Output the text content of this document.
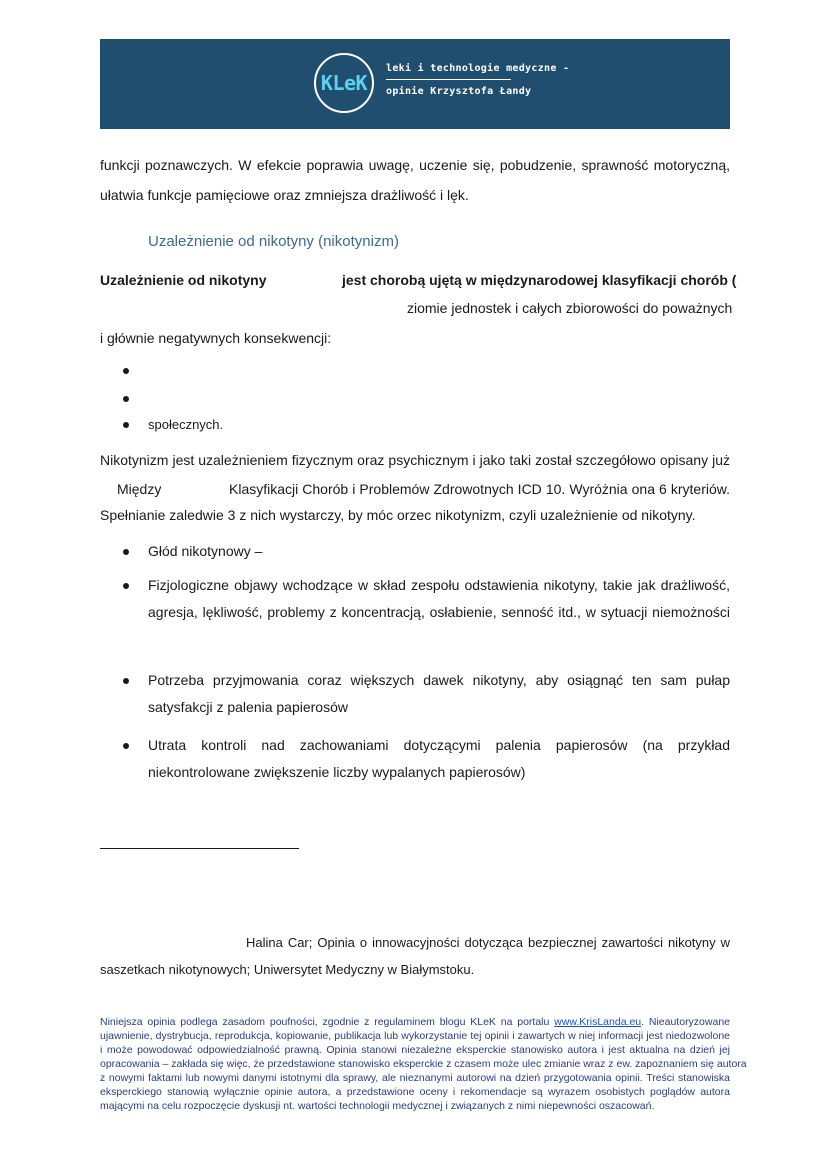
KLeK
leki i technologie medyczne -
opinie Krzysztofa Łandy
funkcji poznawczych. W efekcie poprawia uwagę, uczenie się, pobudzenie, sprawność motoryczną,
ułatwia funkcje pamięciowe oraz zmniejsza drażliwość i lęk.
Uzależnienie od nikotyny (nikotynizm)
Uzależnienie od nikotyny	jest chorobą ujętą w międzynarodowej klasyfikacji chorób (
ziomie jednostek i całych zbiorowości do poważnych
i głównie negatywnych konsekwencji:
społecznych.
Nikotynizm jest uzależnieniem fizycznym oraz psychicznym i jako taki został szczegółowo opisany już
Między	Klasyfikacji Chorób i Problemów Zdrowotnych ICD 10. Wyróżnia ona 6 kryteriów.
Spełnianie zaledwie 3 z nich wystarczy, by móc orzec nikotynizm, czyli uzależnienie od nikotyny.
Głód nikotynowy –
Fizjologiczne objawy wchodzące w skład zespołu odstawienia nikotyny, takie jak drażliwość,
agresja, lękliwość, problemy z koncentracją, osłabienie, senność itd., w sytuacji niemożności
Potrzeba przyjmowania coraz większych dawek nikotyny, aby osiągnąć ten sam pułap
satysfakcji z palenia papierosów
Utrata kontroli nad zachowaniami dotyczącymi palenia papierosów (na przykład
niekontrolowane zwiększenie liczby wypalanych papierosów)
Halina Car; Opinia o innowacyjności dotycząca bezpiecznej zawartości nikotyny w
saszetkach nikotynowych; Uniwersytet Medyczny w Białymstoku.
Niniejsza opinia podlega zasadom poufności, zgodnie z regulaminem blogu KLeK na portalu www.KrisLanda.eu. Nieautoryzowane
ujawnienie, dystrybucja, reprodukcja, kopiowanie, publikacja lub wykorzystanie tej opinii i zawartych w niej informacji jest niedozwolone
i może powodować odpowiedzialność prawną. Opinia stanowi niezależne eksperckie stanowisko autora i jest aktualna na dzień jej
opracowania – zakłada się więc, że przedstawione stanowisko eksperckie z czasem może ulec zmianie wraz z ew. zapoznaniem się autora
z nowymi faktami lub nowymi danymi istotnymi dla sprawy, ale nieznanymi autorowi na dzień przygotowania opinii. Treści stanowiska
eksperckiego stanowią wyłącznie opinie autora, a przedstawione oceny i rekomendacje są wyrazem osobistych poglądów autora
mającymi na celu rozpoczęcie dyskusji nt. wartości technologii medycznej i związanych z nimi niepewności oszacowań.
